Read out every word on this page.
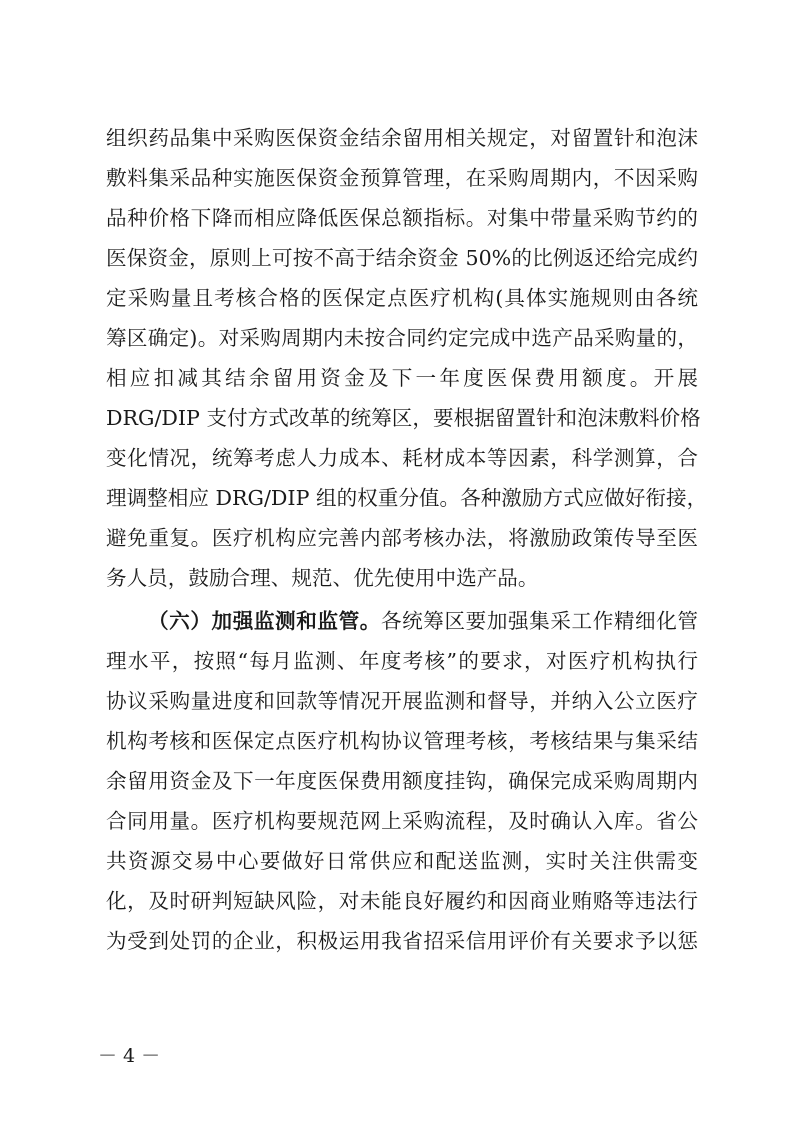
组织药品集中采购医保资金结余留用相关规定，对留置针和泡沫
敷料集采品种实施医保资金预算管理，在采购周期内，不因采购
品种价格下降而相应降低医保总额指标。对集中带量采购节约的
医保资金，原则上可按不高于结余资金 50%的比例返还给完成约
定采购量且考核合格的医保定点医疗机构(具体实施规则由各统
筹区确定)。对采购周期内未按合同约定完成中选产品采购量的，
相应扣减其结余留用资金及下一年度医保费用额度。开展
DRG/DIP 支付方式改革的统筹区，要根据留置针和泡沫敷料价格
变化情况，统筹考虑人力成本、耗材成本等因素，科学测算，合
理调整相应 DRG/DIP 组的权重分值。各种激励方式应做好衔接，
避免重复。医疗机构应完善内部考核办法，将激励政策传导至医
务人员，鼓励合理、规范、优先使用中选产品。
（六）加强监测和监管。各统筹区要加强集采工作精细化管
理水平，按照“每月监测、年度考核”的要求，对医疗机构执行
协议采购量进度和回款等情况开展监测和督导，并纳入公立医疗
机构考核和医保定点医疗机构协议管理考核，考核结果与集采结
余留用资金及下一年度医保费用额度挂钩，确保完成采购周期内
合同用量。医疗机构要规范网上采购流程，及时确认入库。省公
共资源交易中心要做好日常供应和配送监测，实时关注供需变
化，及时研判短缺风险，对未能良好履约和因商业贿赂等违法行
为受到处罚的企业，积极运用我省招采信用评价有关要求予以惩
－ 4 －
